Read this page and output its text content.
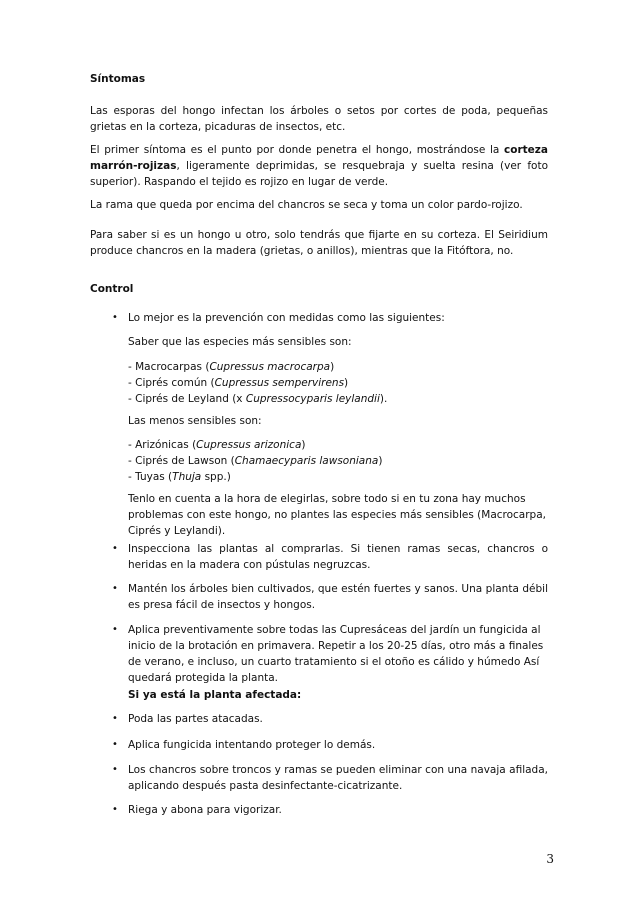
Síntomas
Las esporas del hongo infectan los árboles o setos por cortes de poda, pequeñas grietas en la corteza, picaduras de insectos, etc.
El primer síntoma es el punto por donde penetra el hongo, mostrándose la corteza marrón-rojizas, ligeramente deprimidas, se resquebraja y suelta resina (ver foto superior). Raspando el tejido es rojizo en lugar de verde.
La rama que queda por encima del chancros se seca y toma un color pardo-rojizo.
Para saber si es un hongo u otro, solo tendrás que fijarte en su corteza. El Seiridium produce chancros en la madera (grietas, o anillos), mientras que la Fitóftora, no.
Control
• Lo mejor es la prevención con medidas como las siguientes:
Saber que las especies más sensibles son:
- Macrocarpas (Cupressus macrocarpa)
- Ciprés común (Cupressus sempervirens)
- Ciprés de Leyland (x Cupressocyparis leylandii).
Las menos sensibles son:
- Arizónicas (Cupressus arizonica)
- Ciprés de Lawson (Chamaecyparis lawsoniana)
- Tuyas (Thuja spp.)
Tenlo en cuenta a la hora de elegirlas, sobre todo si en tu zona hay muchos problemas con este hongo, no plantes las especies más sensibles (Macrocarpa, Ciprés y Leylandi).
• Inspecciona las plantas al comprarlas. Si tienen ramas secas, chancros o heridas en la madera con pústulas negruzcas.
• Mantén los árboles bien cultivados, que estén fuertes y sanos. Una planta débil es presa fácil de insectos y hongos.
• Aplica preventivamente sobre todas las Cupresáceas del jardín un fungicida al inicio de la brotación en primavera. Repetir a los 20-25 días, otro más a finales de verano, e incluso, un cuarto tratamiento si el otoño es cálido y húmedo Así quedará protegida la planta.
Si ya está la planta afectada:
• Poda las partes atacadas.
• Aplica fungicida intentando proteger lo demás.
• Los chancros sobre troncos y ramas se pueden eliminar con una navaja afilada, aplicando después pasta desinfectante-cicatrizante.
• Riega y abona para vigorizar.
3
